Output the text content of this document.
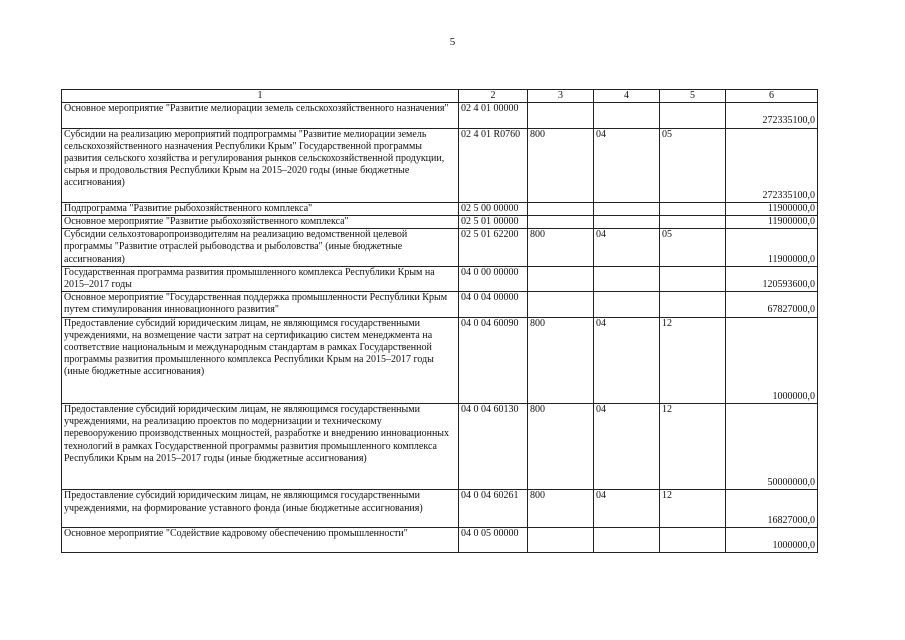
5
1	2	3	4	5	6
Основное мероприятие "Развитие мелиорации земель сельскохозяйственного назначения"	02 4 01 00000				272335100,0
Субсидии на реализацию мероприятий подпрограммы "Развитие мелиорации земель сельскохозяйственного назначения Республики Крым" Государственной программы развития сельского хозяйства и регулирования рынков сельскохозяйственной продукции, сырья и продовольствия Республики Крым на 2015–2020 годы (иные бюджетные ассигнования)	02 4 01 R0760	800	04	05	272335100,0
Подпрограмма "Развитие рыбохозяйственного комплекса"	02 5 00 00000				11900000,0
Основное мероприятие "Развитие рыбохозяйственного комплекса"	02 5 01 00000				11900000,0
Субсидии сельхозтоваропроизводителям на реализацию ведомственной целевой программы "Развитие отраслей рыбоводства и рыболовства" (иные бюджетные ассигнования)	02 5 01 62200	800	04	05	11900000,0
Государственная программа развития промышленного комплекса Республики Крым на 2015–2017 годы	04 0 00 00000				120593600,0
Основное мероприятие "Государственная поддержка промышленности Республики Крым путем стимулирования инновационного развития"	04 0 04 00000				67827000,0
Предоставление субсидий юридическим лицам, не являющимся государственными учреждениями, на возмещение части затрат на сертификацию систем менеджмента на соответствие национальным и международным стандартам в рамках Государственной программы развития промышленного комплекса Республики Крым на 2015–2017 годы (иные бюджетные ассигнования)	04 0 04 60090	800	04	12	1000000,0
Предоставление субсидий юридическим лицам, не являющимся государственными учреждениями, на реализацию проектов по модернизации и техническому перевооружению производственных мощностей, разработке и внедрению инновационных технологий в рамках Государственной программы развития промышленного комплекса Республики Крым на 2015–2017 годы (иные бюджетные ассигнования)	04 0 04 60130	800	04	12	50000000,0
Предоставление субсидий юридическим лицам, не являющимся государственными учреждениями, на формирование уставного фонда (иные бюджетные ассигнования)	04 0 04 60261	800	04	12	16827000,0
Основное мероприятие "Содействие кадровому обеспечению промышленности"	04 0 05 00000				1000000,0
